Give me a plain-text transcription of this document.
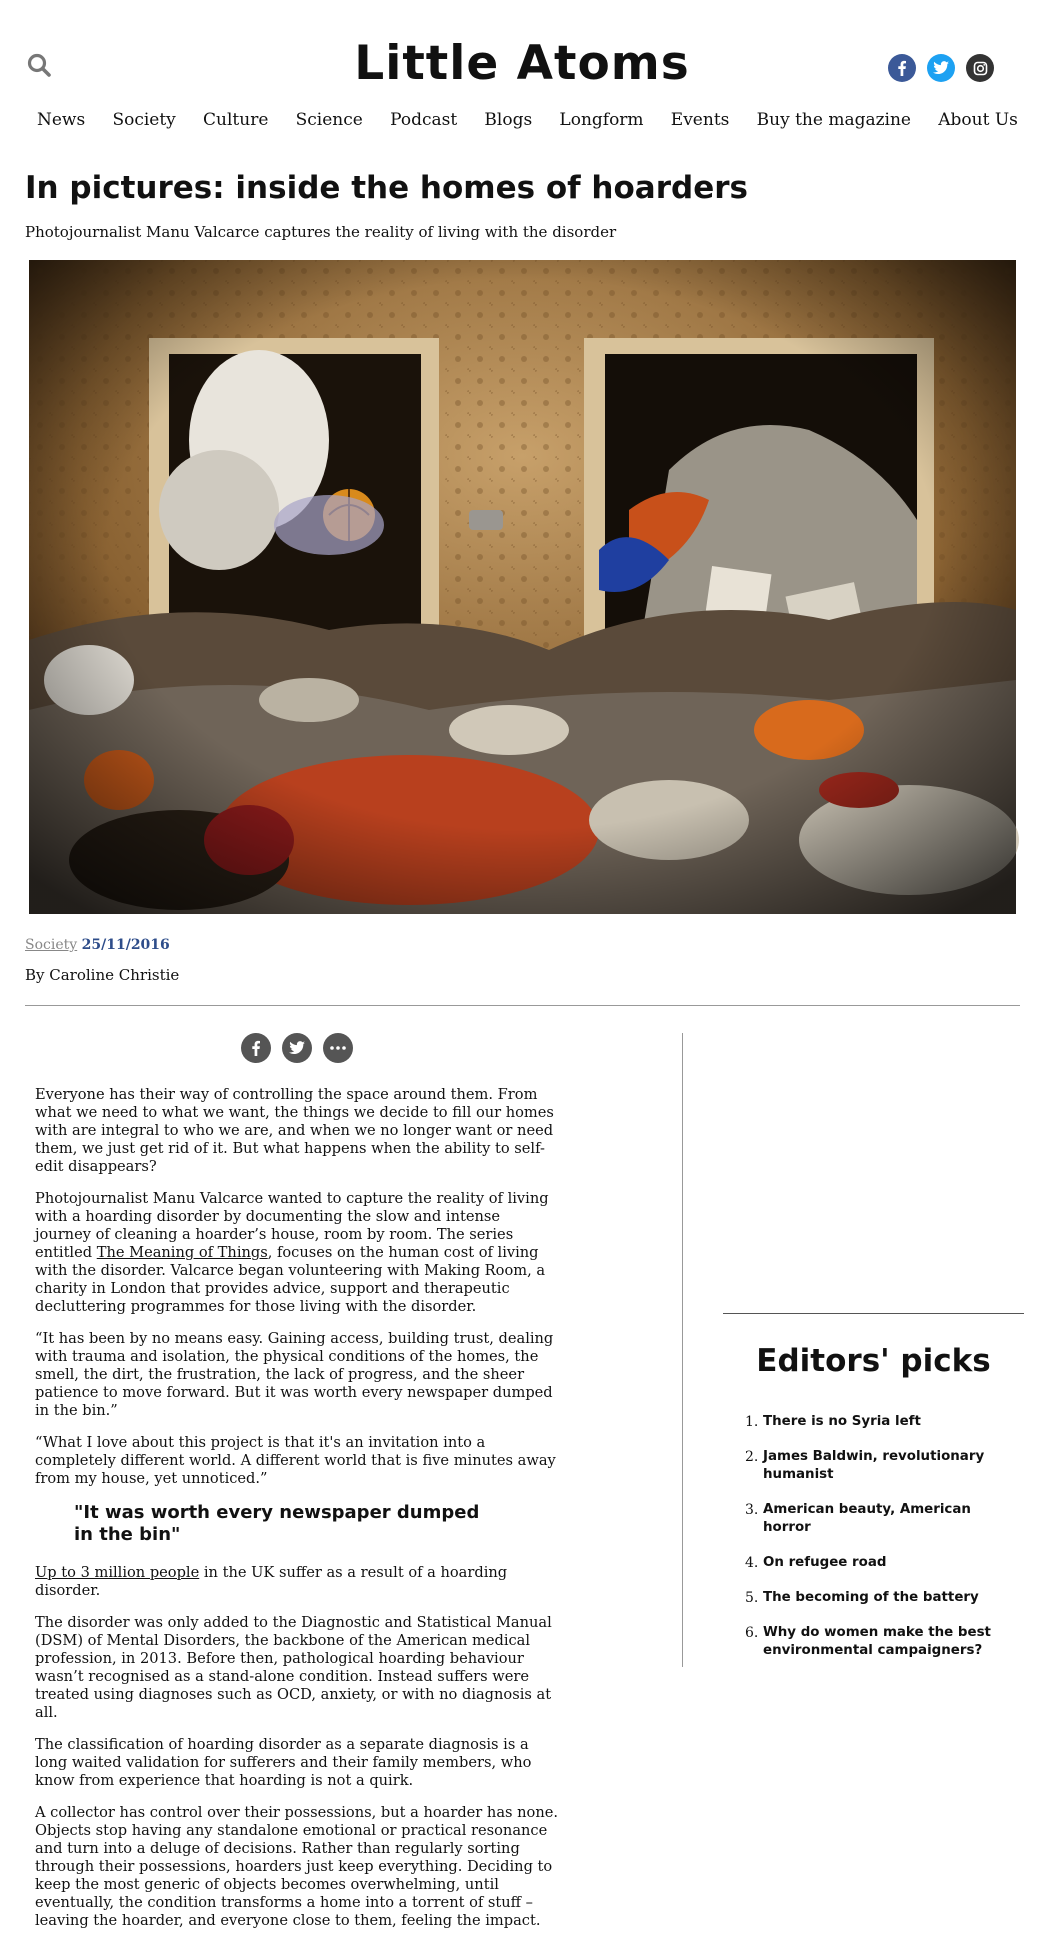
Little Atoms
News Society Culture Science Podcast Blogs Longform Events Buy the magazine About Us
In pictures: inside the homes of hoarders
Photojournalist Manu Valcarce captures the reality of living with the disorder
Society 25/11/2016
By Caroline Christie

Everyone has their way of controlling the space around them. From what we need to what we want, the things we decide to fill our homes with are integral to who we are, and when we no longer want or need them, we just get rid of it. But what happens when the ability to self-edit disappears?

Photojournalist Manu Valcarce wanted to capture the reality of living with a hoarding disorder by documenting the slow and intense journey of cleaning a hoarder’s house, room by room. The series entitled The Meaning of Things, focuses on the human cost of living with the disorder. Valcarce began volunteering with Making Room, a charity in London that provides advice, support and therapeutic decluttering programmes for those living with the disorder.

“It has been by no means easy. Gaining access, building trust, dealing with trauma and isolation, the physical conditions of the homes, the smell, the dirt, the frustration, the lack of progress, and the sheer patience to move forward. But it was worth every newspaper dumped in the bin.”

“What I love about this project is that it's an invitation into a completely different world. A different world that is five minutes away from my house, yet unnoticed.”

"It was worth every newspaper dumped in the bin"

Up to 3 million people in the UK suffer as a result of a hoarding disorder.

The disorder was only added to the Diagnostic and Statistical Manual (DSM) of Mental Disorders, the backbone of the American medical profession, in 2013. Before then, pathological hoarding behaviour wasn’t recognised as a stand-alone condition. Instead suffers were treated using diagnoses such as OCD, anxiety, or with no diagnosis at all.

The classification of hoarding disorder as a separate diagnosis is a long waited validation for sufferers and their family members, who know from experience that hoarding is not a quirk.

A collector has control over their possessions, but a hoarder has none. Objects stop having any standalone emotional or practical resonance and turn into a deluge of decisions. Rather than regularly sorting through their possessions, hoarders just keep everything. Deciding to keep the most generic of objects becomes overwhelming, until eventually, the condition transforms a home into a torrent of stuff – leaving the hoarder, and everyone close to them, feeling the impact.

Editors' picks
1. There is no Syria left
2. James Baldwin, revolutionary humanist
3. American beauty, American horror
4. On refugee road
5. The becoming of the battery
6. Why do women make the best environmental campaigners?
